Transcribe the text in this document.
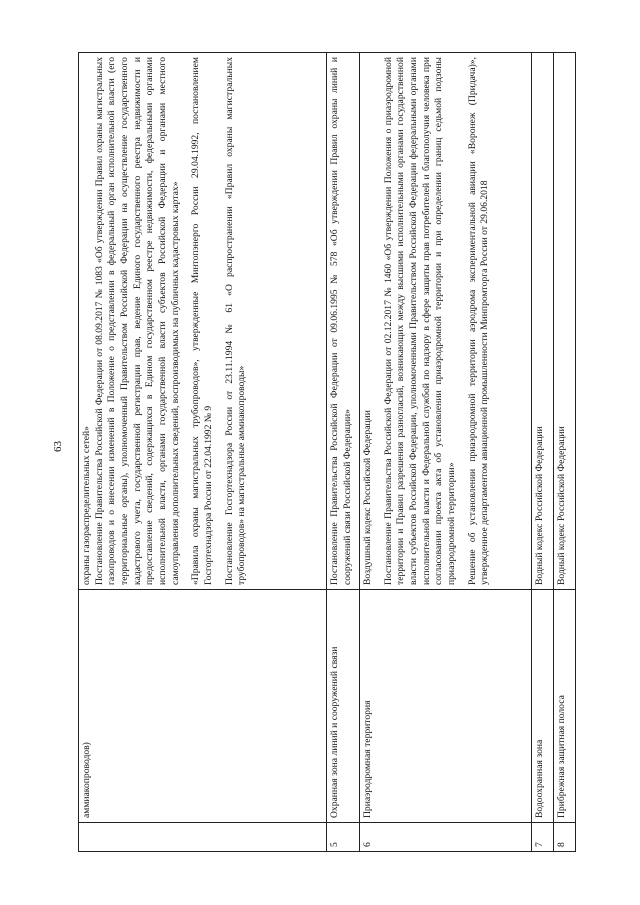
63
	аммиакопроводов)	охраны газораспределительных сетей» Постановление Правительства Российской Федерации от 08.09.2017 № 1083 «Об утверждении Правил охраны магистральных газопроводов и о внесении изменений в Положение о представлении в федеральный орган исполнительной власти (его территориальные органы), уполномоченный Правительством Российской Федерации на осуществление государственного кадастрового учета, государственной регистрации прав, ведение Единого государственного реестра недвижимости и предоставление сведений, содержащихся в Едином государственном реестре недвижимости, федеральными органами исполнительной власти, органами государственной власти субъектов Российской Федерации и органами местного самоуправления дополнительных сведений, воспроизводимых на публичных кадастровых картах» «Правила охраны магистральных трубопроводов», утвержденные Минтопэнерго России 29.04.1992, постановлением Госгортехнадзора России от 22.04.1992 № 9 Постановление Госгортехнадзора России от 23.11.1994 № 61 «О распространении «Правил охраны магистральных трубопроводов» на магистральные аммиакопроводы»

5	Охранная зона линий и сооружений связи	Постановление Правительства Российской Федерации от 09.06.1995 № 578 «Об утверждении Правил охраны линий и сооружений связи Российской Федерации»

6	Приаэродромная территория	Воздушный кодекс Российской Федерации Постановление Правительства Российской Федерации от 02.12.2017 № 1460 «Об утверждении Положения о приаэродромной территории и Правил разрешения разногласий, возникающих между высшими исполнительными органами государственной власти субъектов Российской Федерации, уполномоченными Правительством Российской Федерации федеральными органами исполнительной власти и Федеральной службой по надзору в сфере защиты прав потребителей и благополучия человека при согласовании проекта акта об установлении приаэродромной территории и при определении границ седьмой подзоны приаэродромной территории» Решение об установлении приаэродромной территории аэродрома экспериментальной авиации «Воронеж (Придача)», утвержденное департаментом авиационной промышленности Минпромторга России от 29.06.2018

7	Водоохранная зона	Водный кодекс Российской Федерации

8	Прибрежная защитная полоса	Водный кодекс Российской Федерации
